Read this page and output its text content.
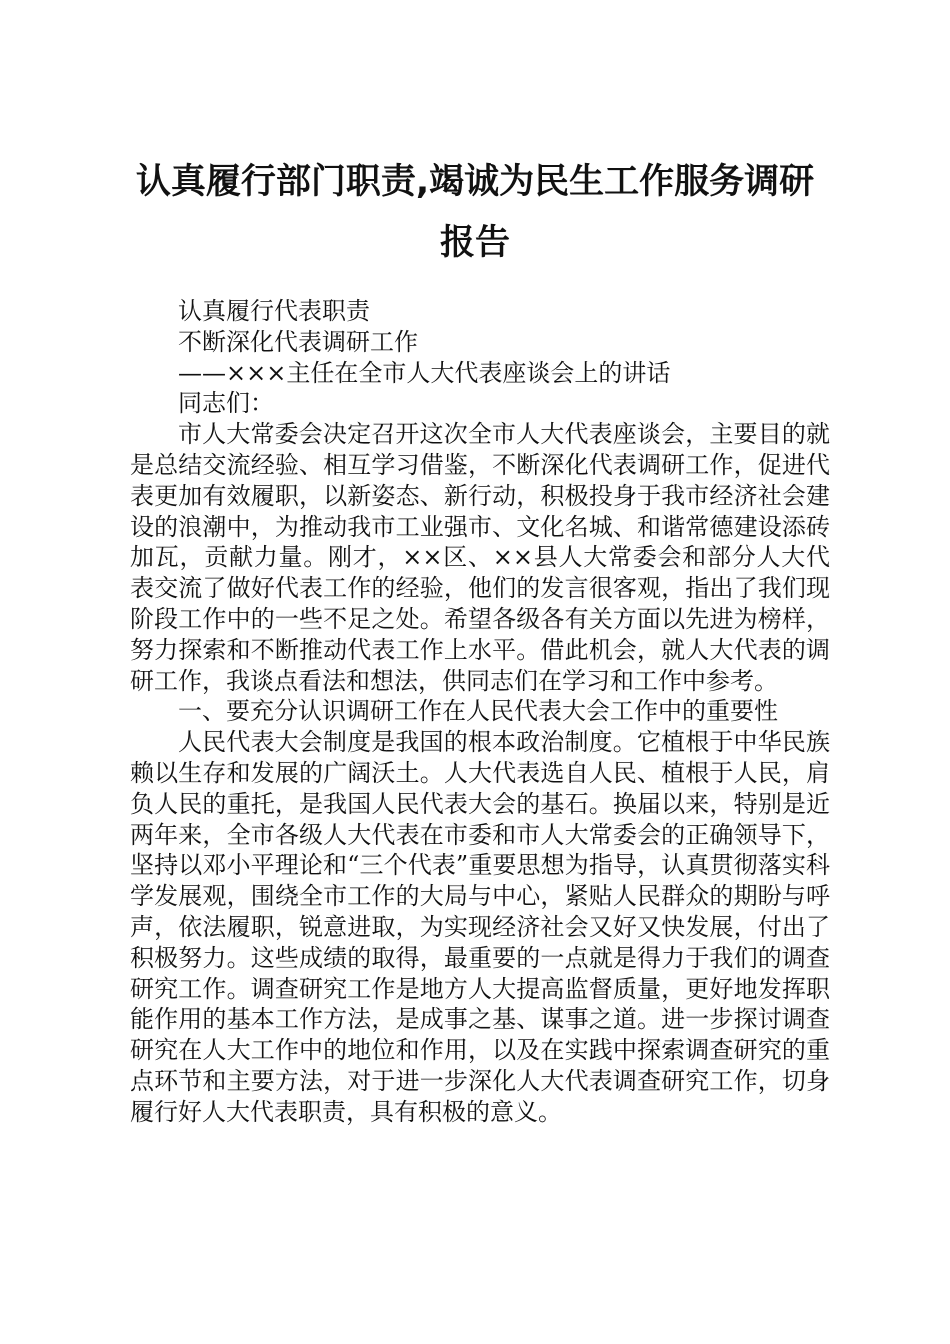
认真履行部门职责,竭诚为民生工作服务调研
报告

认真履行代表职责

不断深化代表调研工作

——×××主任在全市人大代表座谈会上的讲话

同志们：

市人大常委会决定召开这次全市人大代表座谈会，主要目的就是总结交流经验、相互学习借鉴，不断深化代表调研工作，促进代表更加有效履职，以新姿态、新行动，积极投身于我市经济社会建设的浪潮中，为推动我市工业强市、文化名城、和谐常德建设添砖加瓦，贡献力量。刚才，××区、××县人大常委会和部分人大代表交流了做好代表工作的经验，他们的发言很客观，指出了我们现阶段工作中的一些不足之处。希望各级各有关方面以先进为榜样，努力探索和不断推动代表工作上水平。借此机会，就人大代表的调研工作，我谈点看法和想法，供同志们在学习和工作中参考。

一、要充分认识调研工作在人民代表大会工作中的重要性

人民代表大会制度是我国的根本政治制度。它植根于中华民族赖以生存和发展的广阔沃土。人大代表选自人民、植根于人民，肩负人民的重托，是我国人民代表大会的基石。换届以来，特别是近两年来，全市各级人大代表在市委和市人大常委会的正确领导下，坚持以邓小平理论和“三个代表”重要思想为指导，认真贯彻落实科学发展观，围绕全市工作的大局与中心，紧贴人民群众的期盼与呼声，依法履职，锐意进取，为实现经济社会又好又快发展，付出了积极努力。这些成绩的取得，最重要的一点就是得力于我们的调查研究工作。调查研究工作是地方人大提高监督质量，更好地发挥职能作用的基本工作方法，是成事之基、谋事之道。进一步探讨调查研究在人大工作中的地位和作用，以及在实践中探索调查研究的重点环节和主要方法，对于进一步深化人大代表调查研究工作，切身履行好人大代表职责，具有积极的意义。
